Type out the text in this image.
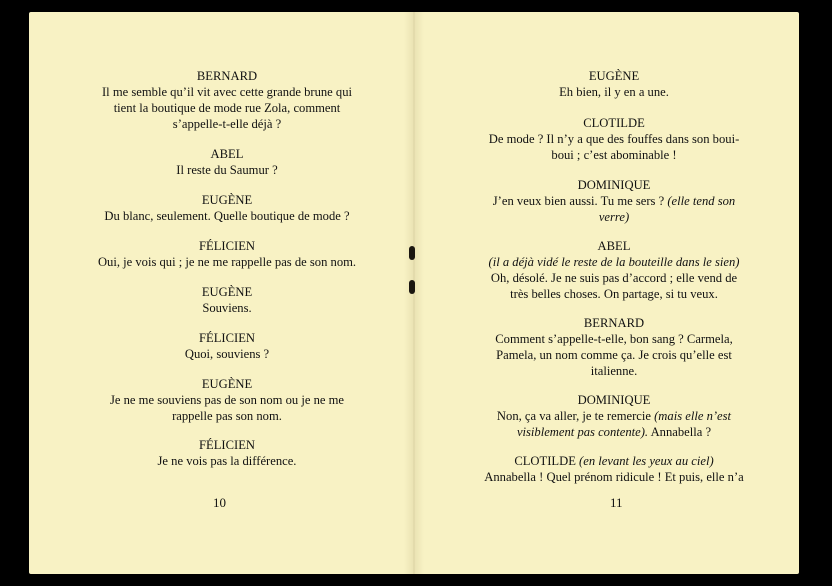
BERNARD
Il me semble qu’il vit avec cette grande brune qui
tient la boutique de mode rue Zola, comment
s’appelle-t-elle déjà ?
ABEL
Il reste du Saumur ?
EUGÈNE
Du blanc, seulement. Quelle boutique de mode ?
FÉLICIEN
Oui, je vois qui ; je ne me rappelle pas de son nom.
EUGÈNE
Souviens.
FÉLICIEN
Quoi, souviens ?
EUGÈNE
Je ne me souviens pas de son nom ou je ne me
rappelle pas son nom.
FÉLICIEN
Je ne vois pas la différence.
10
EUGÈNE
Eh bien, il y en a une.
CLOTILDE
De mode ? Il n’y a que des fouffes dans son boui-
boui ; c’est abominable !
DOMINIQUE
J’en veux bien aussi. Tu me sers ? (elle tend son
verre)
ABEL
(il a déjà vidé le reste de la bouteille dans le sien)
Oh, désolé. Je ne suis pas d’accord ; elle vend de
très belles choses. On partage, si tu veux.
BERNARD
Comment s’appelle-t-elle, bon sang ? Carmela,
Pamela, un nom comme ça. Je crois qu’elle est
italienne.
DOMINIQUE
Non, ça va aller, je te remercie (mais elle n’est
visiblement pas contente). Annabella ?
CLOTILDE (en levant les yeux au ciel)
Annabella ! Quel prénom ridicule ! Et puis, elle n’a
11
